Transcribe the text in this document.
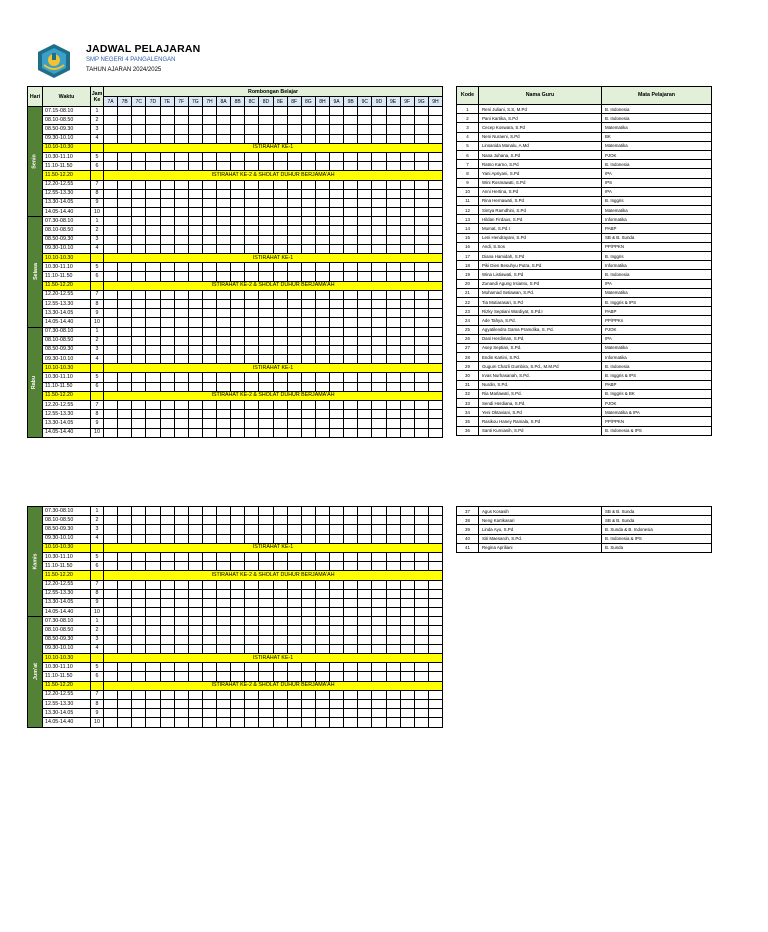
JADWAL PELAJARAN
SMP NEGERI 4 PANGALENGAN
TAHUN AJARAN 2024/2025
Hari	Waktu	Jam Ke	Rombongan Belajar																							
			7A	7B	7C	7D	7E	7F	7G	7H	8A	8B	8C	8D	8E	8F	8G	8H	9A	9B	9C	9D	9E	9F	9G	9H
Senin	07.15-08.10	1																								
	08.10-08.50	2																								
	08.50-09.30	3																								
	09.30-10.10	4																								
	10.10-10.30		ISTIRAHAT KE-1																							
	10.30-11.10	5																								
	11.10-11.50	6																								
	11.50-12.20		ISTIRAHAT KE-2 & SHOLAT DUHUR BERJAMA'AH																							
	12.20-12.55	7																								
	12.55-13.30	8																								
	13.30-14.05	9																								
	14.05-14.40	10																								
Selasa	07.30-08.10	1																								
	08.10-08.50	2																								
	08.50-09.30	3																								
	09.30-10.10	4																								
	10.10-10.30		ISTIRAHAT KE-1																							
	10.30-11.10	5																								
	11.10-11.50	6																								
	11.50-12.20		ISTIRAHAT KE-2 & SHOLAT DUHUR BERJAMA'AH																							
	12.20-12.55	7																								
	12.55-13.30	8																								
	13.30-14.05	9																								
	14.05-14.40	10																								
Rabu	07.30-08.10	1																								
	08.10-08.50	2																								
	08.50-09.30	3																								
	09.30-10.10	4																								
	10.10-10.30		ISTIRAHAT KE-1																							
	10.30-11.10	5																								
	11.10-11.50	6																								
	11.50-12.20		ISTIRAHAT KE-2 & SHOLAT DUHUR BERJAMA'AH																							
	12.20-12.55	7																								
	12.55-13.30	8																								
	13.30-14.05	9																								
	14.05-14.40	10																								
Kamis	07.30-08.10	1																								
	08.10-08.50	2																								
	08.50-09.30	3																								
	09.30-10.10	4																								
	10.10-10.30		ISTIRAHAT KE-1																							
	10.30-11.10	5																								
	11.10-11.50	6																								
	11.50-12.20		ISTIRAHAT KE-2 & SHOLAT DUHUR BERJAMA'AH																							
	12.20-12.55	7																								
	12.55-13.30	8																								
	13.30-14.05	9																								
	14.05-14.40	10																								
Jum'at	07.30-08.10	1																								
	08.10-08.50	2																								
	08.50-09.30	3																								
	09.30-10.10	4																								
	10.10-10.30		ISTIRAHAT KE-1																							
	10.30-11.10	5																								
	11.10-11.50	6																								
	11.50-12.20		ISTIRAHAT KE-2 & SHOLAT DUHUR BERJAMA'AH																							
	12.20-12.55	7																								
	12.55-13.30	8																								
	13.30-14.05	9																								
	14.05-14.40	10																								
Kode	Nama Guru	Mata Pelajaran
1	Reni Juliani, S.S, M.Pd	B. Indonesia
2	Pani Kartika, S.Pd	B. Indonesia
3	Cecep Koswara, S.Pd	Matematika
4	Neni Nuraeni, S.Pd	BK
5	Linsanida Manalu, A.Md	Matematika
6	Nana Juhana, S.Pd	PJOK
7	Ratno Karno, S.Pd	B. Indonesia
8	Yani Apriyani, S.Pd	IPA
9	Wini Rosmawati, S.Pd	IPS
10	Anni Hertina, S.Pd	IPA
11	Rina Hernawati, S.Pd	B. Inggris
12	Sintya Ramdhini, S.Pd	Matematika
13	Hildan Firdaus, S.Pd	Informatika
14	Mumat, S.Pd.I	PABP
15	Leni Hendrayani, S.Pd	SB & B. Sunda
16	Andi, S.Sos	PP/PPKN
17	Diana Hamidah, S.Pd	B. Inggris
18	Piki Dien Besuhyu Putra, S.Pd	Informatika
19	Wina Listiawati, S.Pd	B. Indonesia
20	Zunandi Agung Irsianto, S.Pd	IPA
21	Muhamad Setiawan, S.Pd.	Matematika
22	Tia Mutiarasari, S.Pd	B. Inggris & IPS
23	Rizky Septiani Wardiyat, S.Pd.I	PABP
24	Ade Tahya, S.Pd.	PP/PPKn
25	Agyatilendra Gama Pramdika, S. Pd.	PJOK
26	Dani Herdiman, S.Pd.	IPA
27	Asep Septian, S.Pd.	Matematika
28	Endin Kartini, S.Pd.	Informatika
29	Gugum Chazli Gumbira, S.Pd., M.M.Pd	B. Indonesia
30	Irvas Nurhasanah, S.Pd.	B. Inggris & IPS
31	Nurdin, S.Pd.	PABP
32	Ria Marlawati, S.Pd.	B. Inggris & BK
33	Sendi Herdiana, S.Pd.	PJOK
34	Yeni Oktaviani, S.Pd	Matematika & IPA
35	Rasikou Haney Ramala, S.Pd	PP/PPKN
36	Santi Kurniasih, S.Pd	B. Indonesia & IPS
37	Agus Kosasih	SB & B. Sunda
38	Neng Kartikasari	SB & B. Sunda
39	Linda Ayu, S.Pd	B. Sunda & B. Indonesia
40	Siti Maesaroh, S.Pd.	B. Indonesia & IPS
41	Regina Apriliani	B. Sunda
